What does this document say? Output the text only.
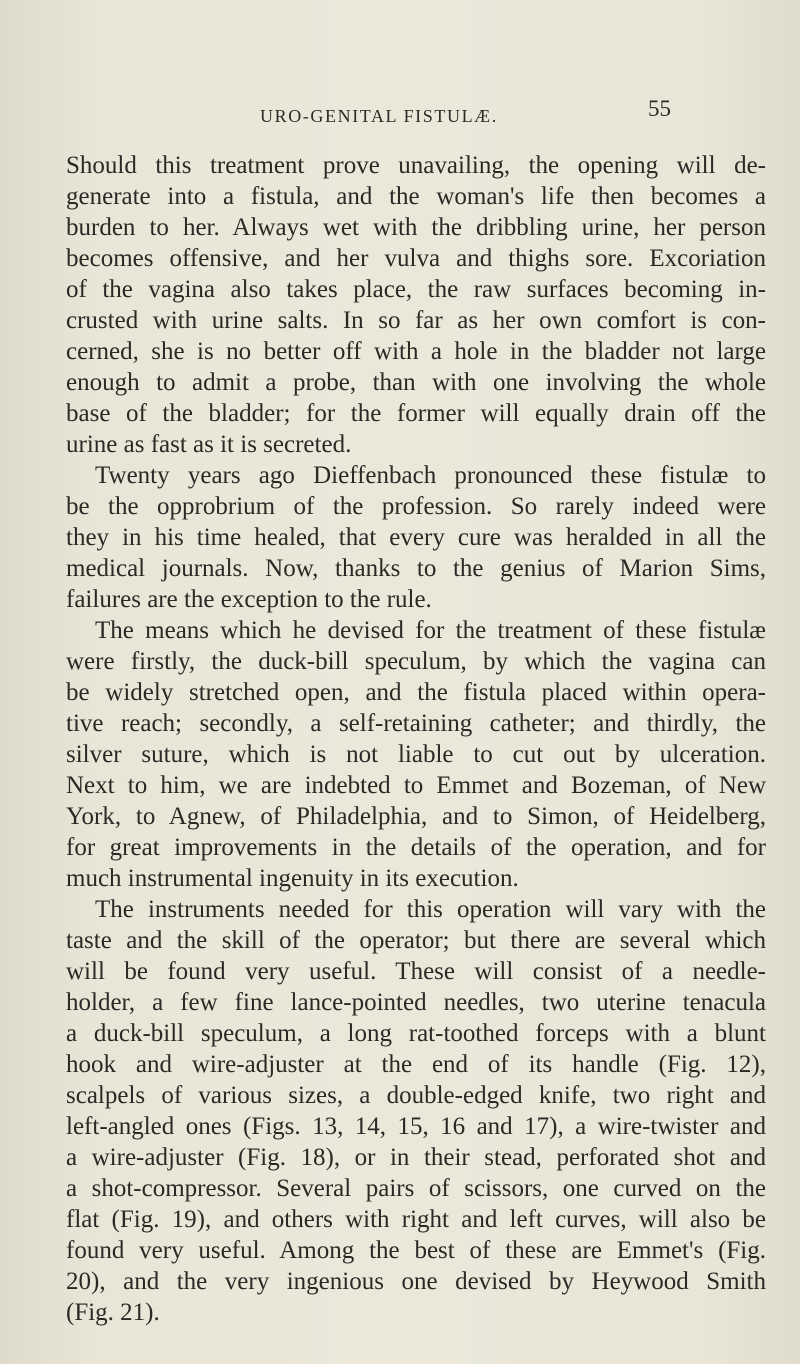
URO-GENITAL FISTULÆ.	55
Should this treatment prove unavailing, the opening will de-
generate into a fistula, and the woman's life then becomes a
burden to her. Always wet with the dribbling urine, her person
becomes offensive, and her vulva and thighs sore. Excoriation
of the vagina also takes place, the raw surfaces becoming in-
crusted with urine salts. In so far as her own comfort is con-
cerned, she is no better off with a hole in the bladder not large
enough to admit a probe, than with one involving the whole
base of the bladder; for the former will equally drain off the
urine as fast as it is secreted.
Twenty years ago Dieffenbach pronounced these fistulæ to
be the opprobrium of the profession. So rarely indeed were
they in his time healed, that every cure was heralded in all the
medical journals. Now, thanks to the genius of Marion Sims,
failures are the exception to the rule.
The means which he devised for the treatment of these fistulæ
were firstly, the duck-bill speculum, by which the vagina can
be widely stretched open, and the fistula placed within opera-
tive reach; secondly, a self-retaining catheter; and thirdly, the
silver suture, which is not liable to cut out by ulceration.
Next to him, we are indebted to Emmet and Bozeman, of New
York, to Agnew, of Philadelphia, and to Simon, of Heidelberg,
for great improvements in the details of the operation, and for
much instrumental ingenuity in its execution.
The instruments needed for this operation will vary with the
taste and the skill of the operator; but there are several which
will be found very useful. These will consist of a needle-
holder, a few fine lance-pointed needles, two uterine tenacula
a duck-bill speculum, a long rat-toothed forceps with a blunt
hook and wire-adjuster at the end of its handle (Fig. 12),
scalpels of various sizes, a double-edged knife, two right and
left-angled ones (Figs. 13, 14, 15, 16 and 17), a wire-twister and
a wire-adjuster (Fig. 18), or in their stead, perforated shot and
a shot-compressor. Several pairs of scissors, one curved on the
flat (Fig. 19), and others with right and left curves, will also be
found very useful. Among the best of these are Emmet's (Fig.
20), and the very ingenious one devised by Heywood Smith
(Fig. 21).
